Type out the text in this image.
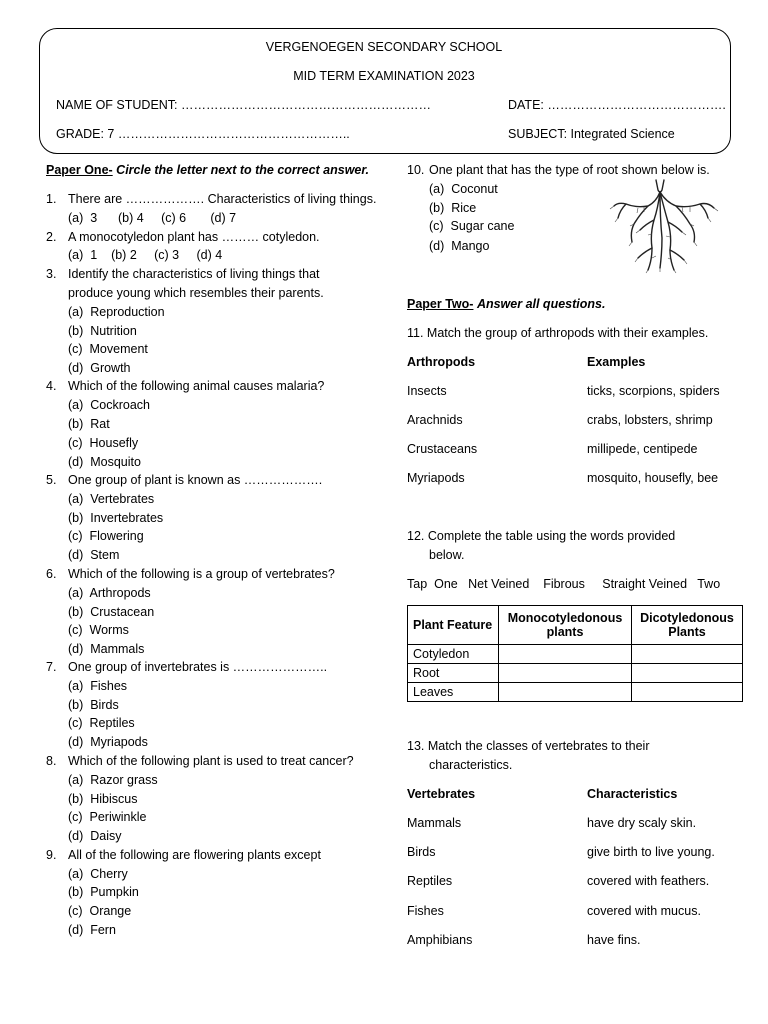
VERGENOEGEN SECONDARY SCHOOL
MID TERM EXAMINATION 2023
NAME OF STUDENT: ……………………………………………………	DATE: …………………………………….
GRADE: 7 ………………………………………………..	SUBJECT: Integrated Science
Paper One- Circle the letter next to the correct answer.
1. There are ………………. Characteristics of living things.
(a)  3      (b) 4     (c) 6       (d) 7
2. A monocotyledon plant has ……… cotyledon.
(a)  1    (b) 2     (c) 3     (d) 4
3. Identify the characteristics of living things that
produce young which resembles their parents.
(a)  Reproduction
(b)  Nutrition
(c)  Movement
(d)  Growth
4. Which of the following animal causes malaria?
(a)  Cockroach
(b)  Rat
(c)  Housefly
(d)  Mosquito
5. One group of plant is known as ……………….
(a)  Vertebrates
(b)  Invertebrates
(c)  Flowering
(d)  Stem
6. Which of the following is a group of vertebrates?
(a)  Arthropods
(b)  Crustacean
(c)  Worms
(d)  Mammals
7. One group of invertebrates is …………………..
(a)  Fishes
(b)  Birds
(c)  Reptiles
(d)  Myriapods
8. Which of the following plant is used to treat cancer?
(a)  Razor grass
(b)  Hibiscus
(c)  Periwinkle
(d)  Daisy
9. All of the following are flowering plants except
(a)  Cherry
(b)  Pumpkin
(c)  Orange
(d)  Fern
10. One plant that has the type of root shown below is.
(a)  Coconut
(b)  Rice
(c)  Sugar cane
(d)  Mango
Paper Two- Answer all questions.
11. Match the group of arthropods with their examples.
Arthropods	Examples
Insects	ticks, scorpions, spiders
Arachnids	crabs, lobsters, shrimp
Crustaceans	millipede, centipede
Myriapods	mosquito, housefly, bee
12. Complete the table using the words provided
below.
Tap  One   Net Veined    Fibrous     Straight Veined   Two
Plant Feature	Monocotyledonous plants	Dicotyledonous Plants
Cotyledon		
Root		
Leaves		
13. Match the classes of vertebrates to their
characteristics.
Vertebrates	Characteristics
Mammals	have dry scaly skin.
Birds	give birth to live young.
Reptiles	covered with feathers.
Fishes	covered with mucus.
Amphibians	have fins.
